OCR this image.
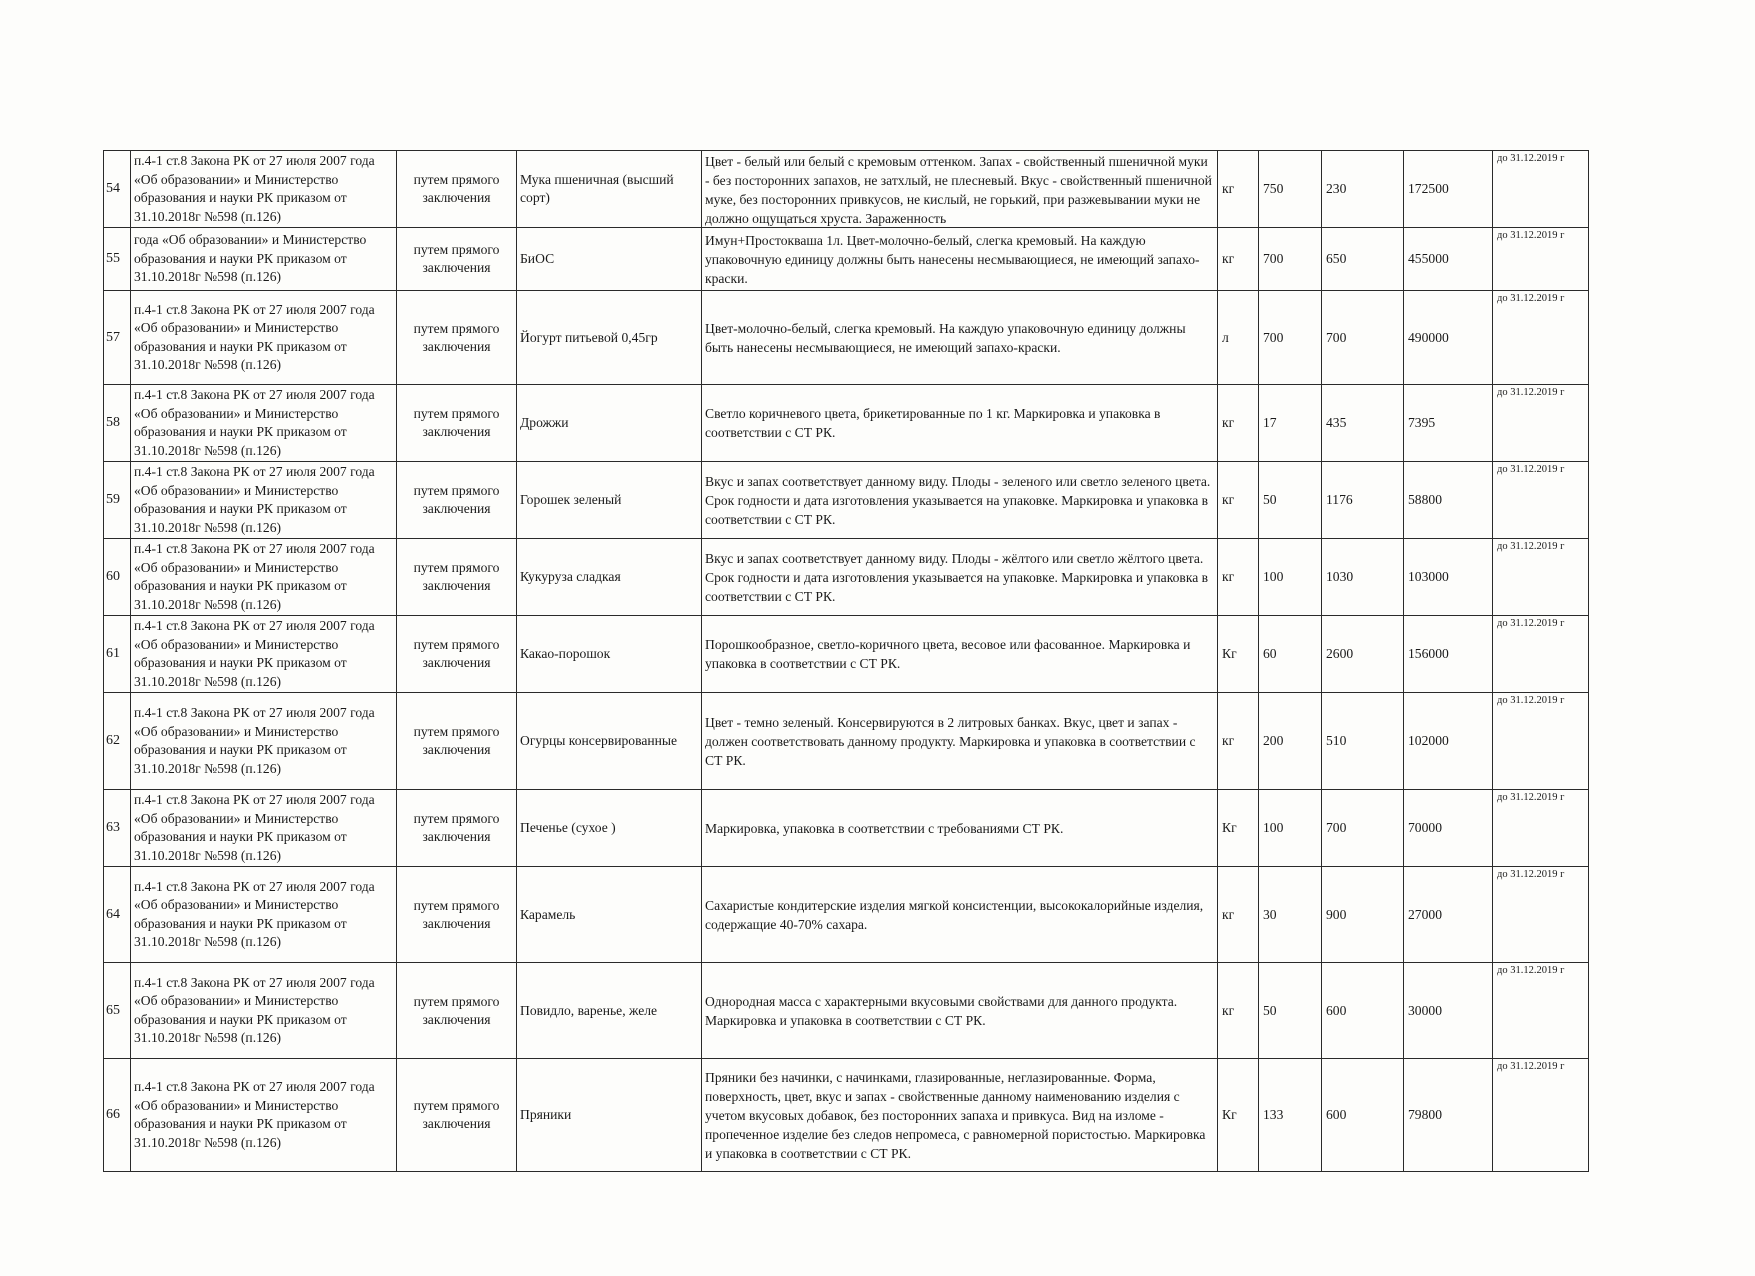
54	п.4-1 ст.8 Закона РК от 27 июля 2007 года «Об образовании» и Министерство образования и науки РК приказом от 31.10.2018г №598 (п.126)	путем прямого заключения	Мука пшеничная (высший сорт)	Цвет - белый или белый с кремовым оттенком. Запах - свойственный пшеничной муки - без посторонних запахов, не затхлый, не плесневый. Вкус - свойственный пшеничной муке, без посторонних привкусов, не кислый, не горький, при разжевывании муки не должно ощущаться хруста. Зараженность	кг	750	230	172500	до 31.12.2019 г
55	года «Об образовании» и Министерство образования и науки РК приказом от 31.10.2018г №598 (п.126)	путем прямого заключения	БиОС	Имун+Простокваша 1л. Цвет-молочно-белый, слегка кремовый. На каждую упаковочную единицу должны быть нанесены несмывающиеся, не имеющий запахо-краски.	кг	700	650	455000	до 31.12.2019 г
57	п.4-1 ст.8 Закона РК от 27 июля 2007 года «Об образовании» и Министерство образования и науки РК приказом от 31.10.2018г №598 (п.126)	путем прямого заключения	Йогурт питьевой 0,45гр	Цвет-молочно-белый, слегка кремовый. На каждую упаковочную единицу должны быть нанесены несмывающиеся, не имеющий запахо-краски.	л	700	700	490000	до 31.12.2019 г
58	п.4-1 ст.8 Закона РК от 27 июля 2007 года «Об образовании» и Министерство образования и науки РК приказом от 31.10.2018г №598 (п.126)	путем прямого заключения	Дрожжи	Светло коричневого цвета, брикетированные по 1 кг. Маркировка и упаковка в соответствии с СТ РК.	кг	17	435	7395	до 31.12.2019 г
59	п.4-1 ст.8 Закона РК от 27 июля 2007 года «Об образовании» и Министерство образования и науки РК приказом от 31.10.2018г №598 (п.126)	путем прямого заключения	Горошек зеленый	Вкус и запах соответствует данному виду. Плоды - зеленого или светло зеленого цвета. Срок годности и дата изготовления указывается на упаковке. Маркировка и упаковка в соответствии с СТ РК.	кг	50	1176	58800	до 31.12.2019 г
60	п.4-1 ст.8 Закона РК от 27 июля 2007 года «Об образовании» и Министерство образования и науки РК приказом от 31.10.2018г №598 (п.126)	путем прямого заключения	Кукуруза сладкая	Вкус и запах соответствует данному виду. Плоды - жёлтого или светло жёлтого цвета. Срок годности и дата изготовления указывается на упаковке. Маркировка и упаковка в соответствии с СТ РК.	кг	100	1030	103000	до 31.12.2019 г
61	п.4-1 ст.8 Закона РК от 27 июля 2007 года «Об образовании» и Министерство образования и науки РК приказом от 31.10.2018г №598 (п.126)	путем прямого заключения	Какао-порошок	Порошкообразное, светло-коричного цвета, весовое или фасованное. Маркировка и упаковка в соответствии с СТ РК.	Кг	60	2600	156000	до 31.12.2019 г
62	п.4-1 ст.8 Закона РК от 27 июля 2007 года «Об образовании» и Министерство образования и науки РК приказом от 31.10.2018г №598 (п.126)	путем прямого заключения	Огурцы консервированные	Цвет - темно зеленый. Консервируются в 2 литровых банках. Вкус, цвет и запах - должен соответствовать данному продукту. Маркировка и упаковка в соответствии с СТ РК.	кг	200	510	102000	до 31.12.2019 г
63	п.4-1 ст.8 Закона РК от 27 июля 2007 года «Об образовании» и Министерство образования и науки РК приказом от 31.10.2018г №598 (п.126)	путем прямого заключения	Печенье (сухое )	Маркировка, упаковка в соответствии с требованиями СТ РК.	Кг	100	700	70000	до 31.12.2019 г
64	п.4-1 ст.8 Закона РК от 27 июля 2007 года «Об образовании» и Министерство образования и науки РК приказом от 31.10.2018г №598 (п.126)	путем прямого заключения	Карамель	Сахаристые кондитерские изделия мягкой консистенции, высококалорийные изделия, содержащие 40-70% сахара.	кг	30	900	27000	до 31.12.2019 г
65	п.4-1 ст.8 Закона РК от 27 июля 2007 года «Об образовании» и Министерство образования и науки РК приказом от 31.10.2018г №598 (п.126)	путем прямого заключения	Повидло, варенье, желе	Однородная масса с характерными вкусовыми свойствами для данного продукта. Маркировка и упаковка в соответствии с СТ РК.	кг	50	600	30000	до 31.12.2019 г
66	п.4-1 ст.8 Закона РК от 27 июля 2007 года «Об образовании» и Министерство образования и науки РК приказом от 31.10.2018г №598 (п.126)	путем прямого заключения	Пряники	Пряники без начинки, с начинками, глазированные, неглазированные. Форма, поверхность, цвет, вкус и запах - свойственные данному наименованию изделия с учетом вкусовых добавок, без посторонних запаха и привкуса. Вид на изломе - пропеченное изделие без следов непромеса, с равномерной пористостью. Маркировка и упаковка в соответствии с СТ РК.	Кг	133	600	79800	до 31.12.2019 г
